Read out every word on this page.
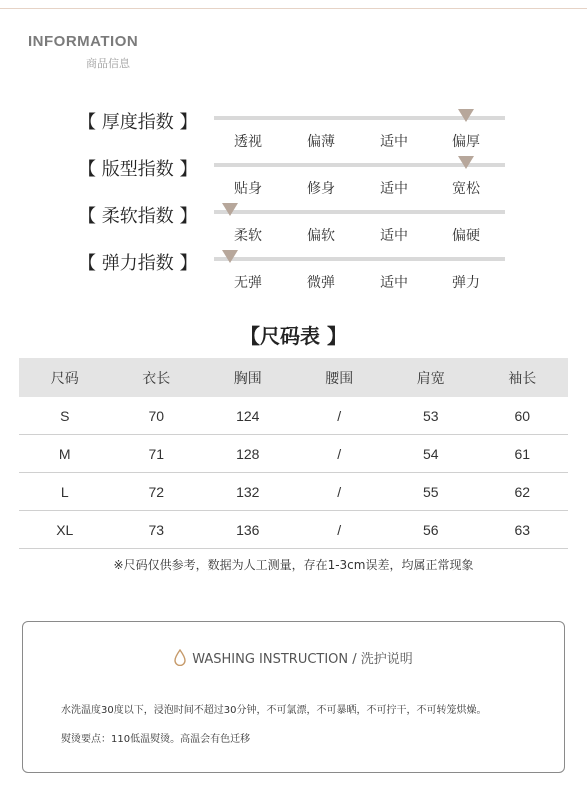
INFORMATION
商品信息
【 厚度指数 】
透视	偏薄	适中	偏厚
【 版型指数 】
贴身	修身	适中	宽松
【 柔软指数 】
柔软	偏软	适中	偏硬
【 弹力指数 】
无弹	微弹	适中	弹力
【尺码表 】
尺码	衣长	胸围	腰围	肩宽	袖长
S	70	124	/	53	60
M	71	128	/	54	61
L	72	132	/	55	62
XL	73	136	/	56	63
※尺码仅供参考，数据为人工测量，存在1-3cm误差，均属正常现象
WASHING INSTRUCTION / 洗护说明
水洗温度30度以下，浸泡时间不超过30分钟，不可氯漂，不可暴晒，不可拧干，不可转笼烘燥。
熨烫要点：110低温熨烫。高温会有色迁移
